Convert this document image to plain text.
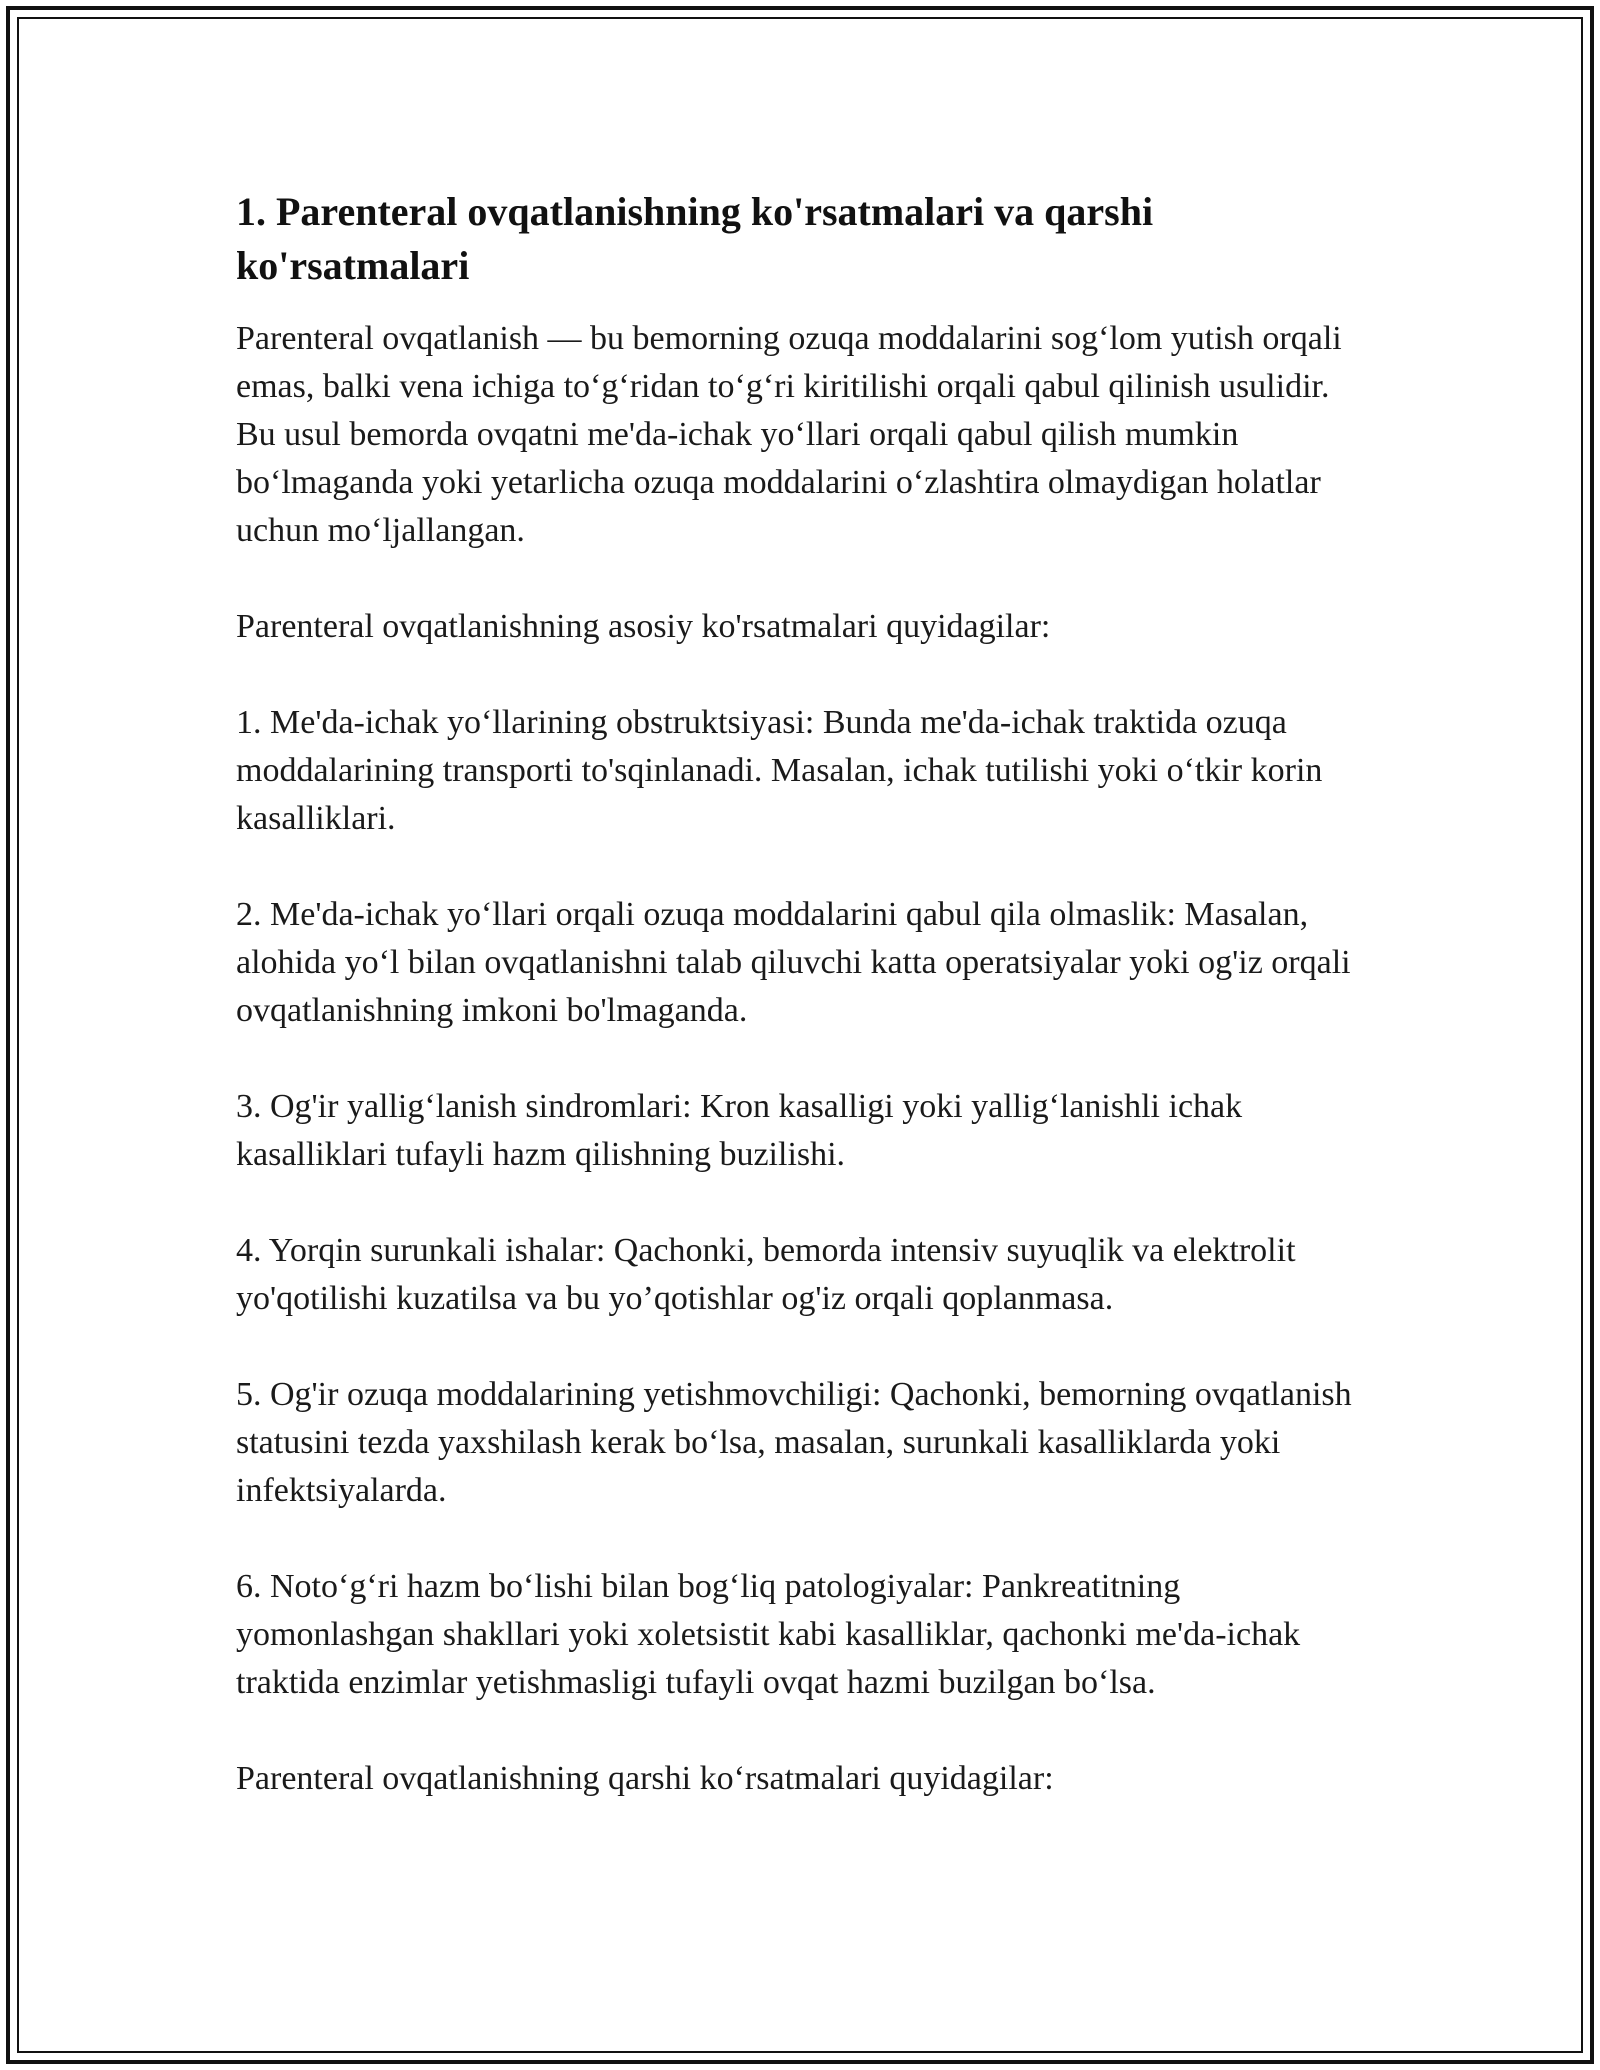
1. Parenteral ovqatlanishning ko'rsatmalari va qarshi ko'rsatmalari

Parenteral ovqatlanish — bu bemorning ozuqa moddalarini sog‘lom yutish orqali emas, balki vena ichiga to‘g‘ridan to‘g‘ri kiritilishi orqali qabul qilinish usulidir. Bu usul bemorda ovqatni me'da-ichak yo‘llari orqali qabul qilish mumkin bo‘lmaganda yoki yetarlicha ozuqa moddalarini o‘zlashtira olmaydigan holatlar uchun mo‘ljallangan.

Parenteral ovqatlanishning asosiy ko'rsatmalari quyidagilar:

1. Me'da-ichak yo‘llarining obstruktsiyasi: Bunda me'da-ichak traktida ozuqa moddalarining transporti to'sqinlanadi. Masalan, ichak tutilishi yoki o‘tkir korin kasalliklari.

2. Me'da-ichak yo‘llari orqali ozuqa moddalarini qabul qila olmaslik: Masalan, alohida yo‘l bilan ovqatlanishni talab qiluvchi katta operatsiyalar yoki og'iz orqali ovqatlanishning imkoni bo'lmaganda.

3. Og'ir yallig‘lanish sindromlari: Kron kasalligi yoki yallig‘lanishli ichak kasalliklari tufayli hazm qilishning buzilishi.

4. Yorqin surunkali ishalar: Qachonki, bemorda intensiv suyuqlik va elektrolit yo'qotilishi kuzatilsa va bu yo’qotishlar og'iz orqali qoplanmasa.

5. Og'ir ozuqa moddalarining yetishmovchiligi: Qachonki, bemorning ovqatlanish statusini tezda yaxshilash kerak bo‘lsa, masalan, surunkali kasalliklarda yoki infektsiyalarda.

6. Noto‘g‘ri hazm bo‘lishi bilan bog‘liq patologiyalar: Pankreatitning yomonlashgan shakllari yoki xoletsistit kabi kasalliklar, qachonki me'da-ichak traktida enzimlar yetishmasligi tufayli ovqat hazmi buzilgan bo‘lsa.

Parenteral ovqatlanishning qarshi ko‘rsatmalari quyidagilar:
